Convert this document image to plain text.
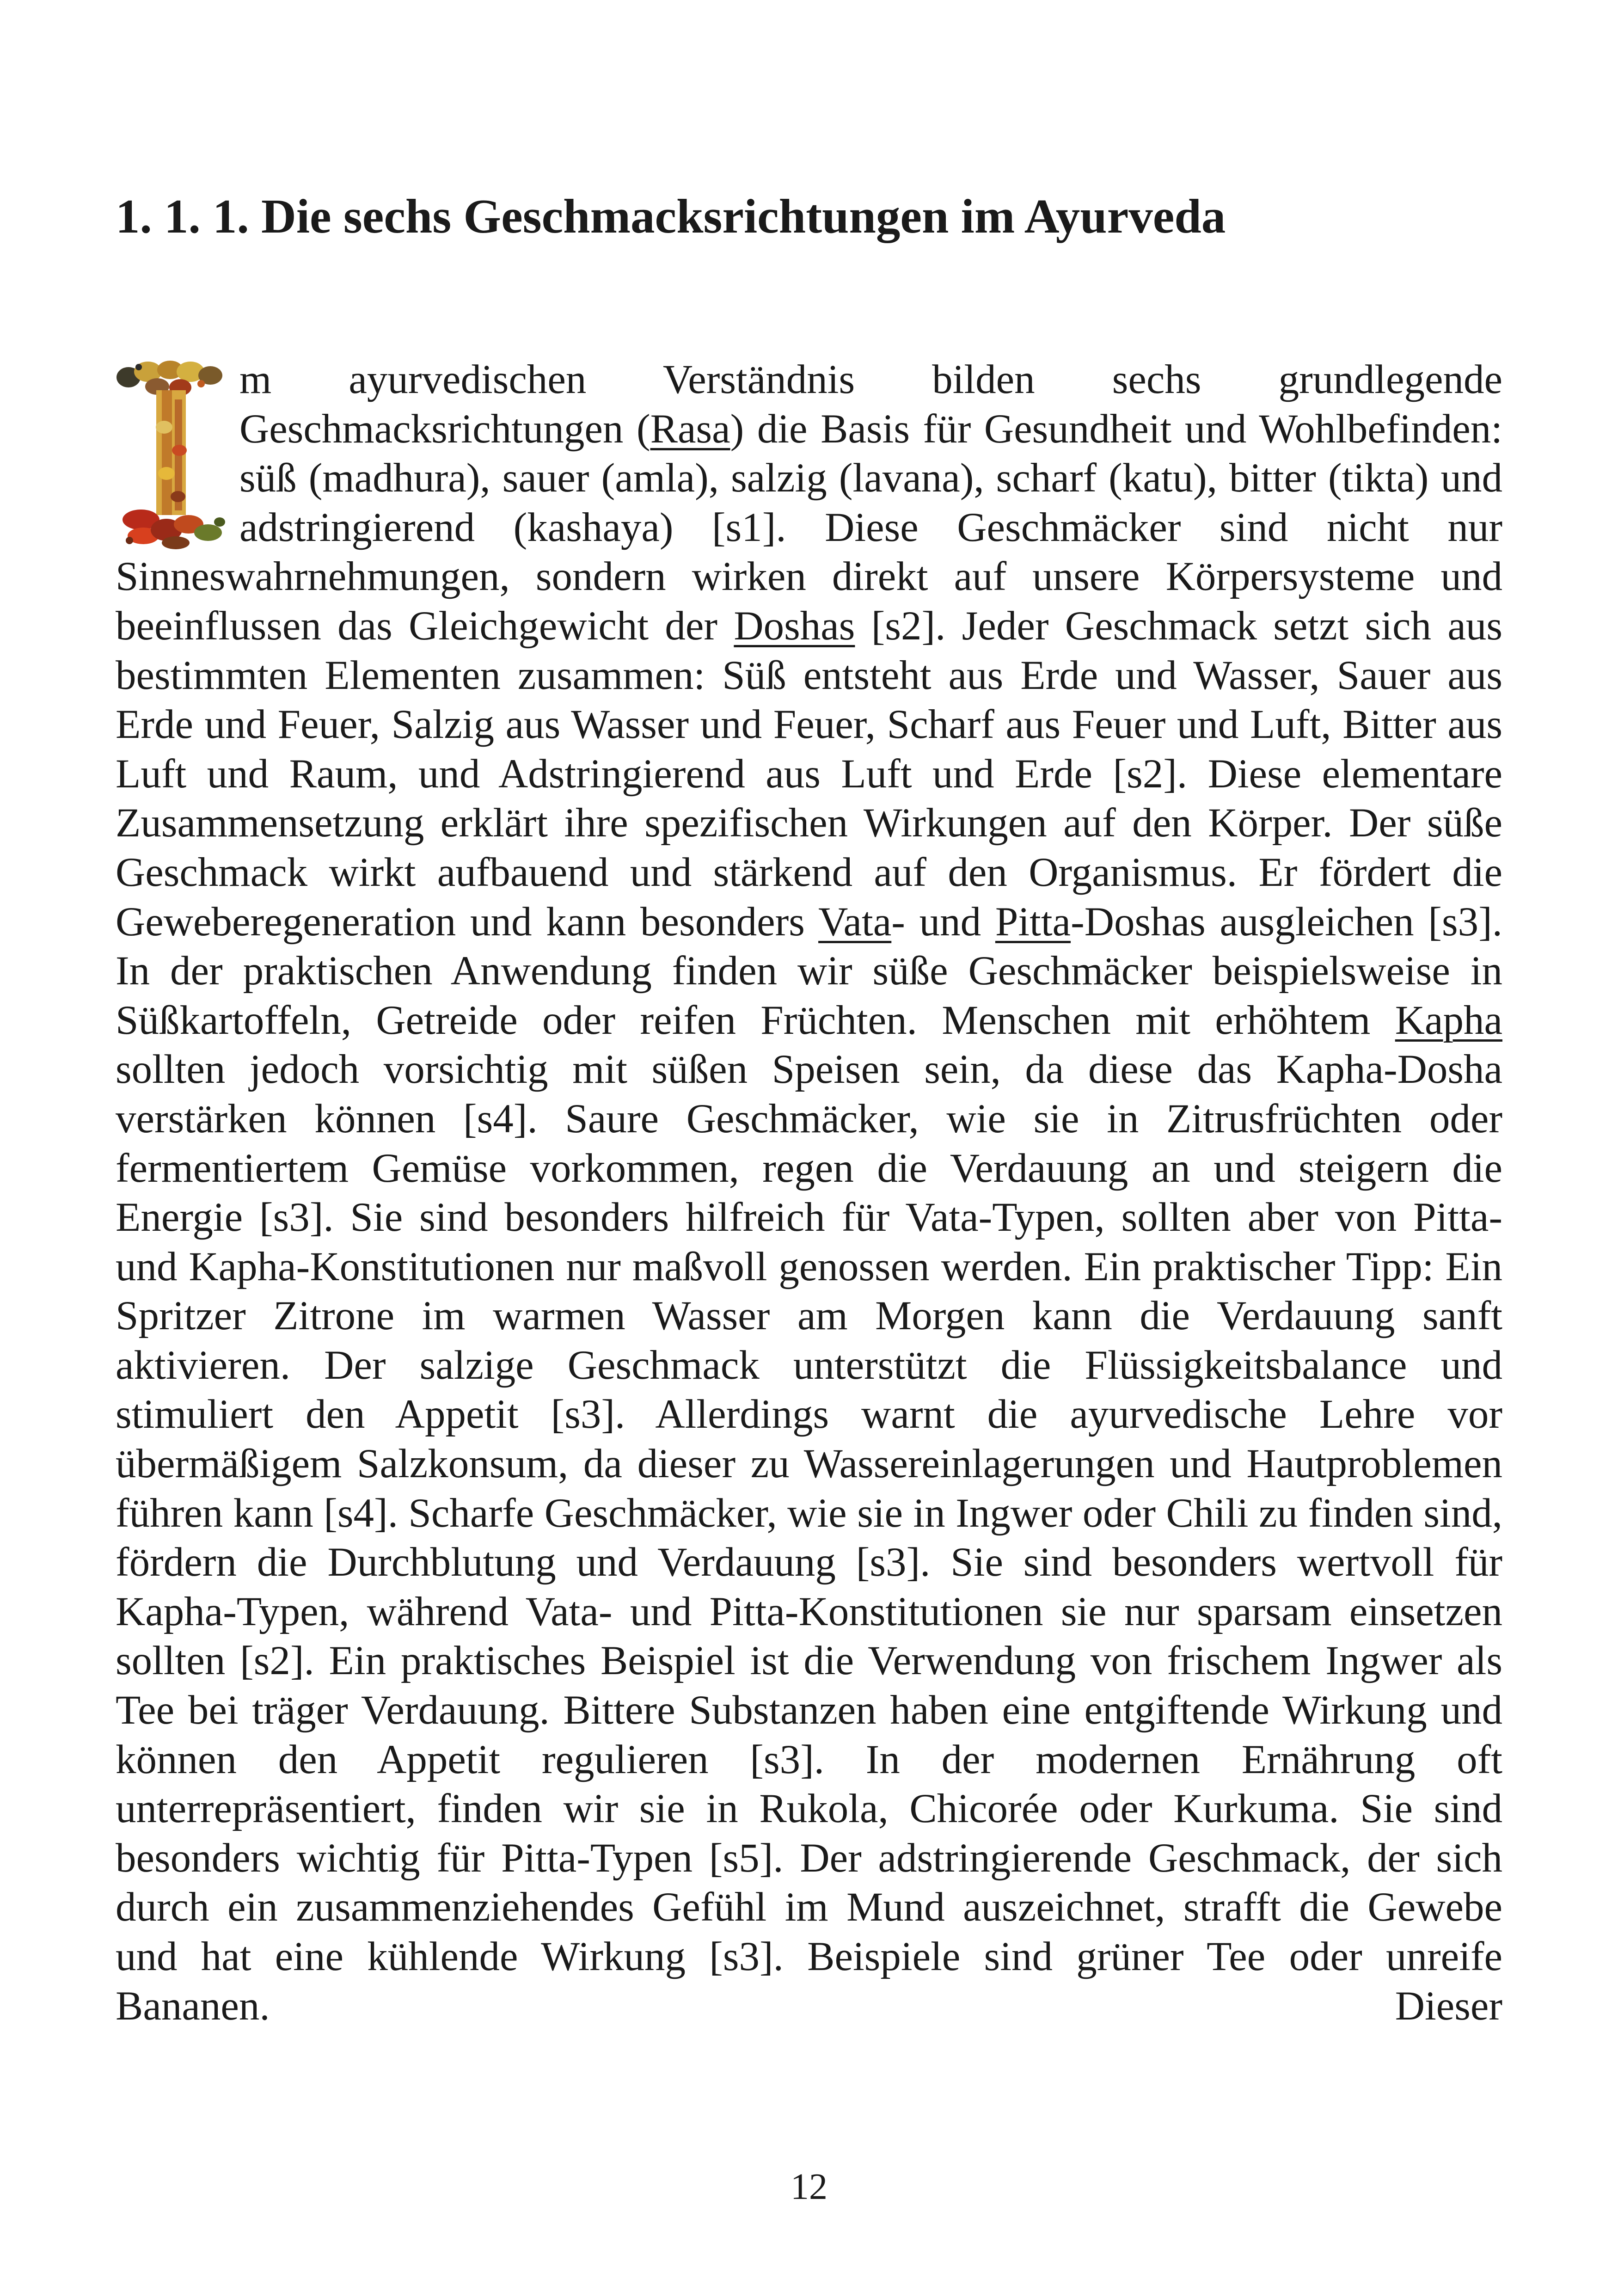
1. 1. 1. Die sechs Geschmacksrichtungen im Ayurveda

m ayurvedischen Verständnis bilden sechs grundlegende Geschmacksrichtungen (Rasa) die Basis für Gesundheit und Wohlbefinden: süß (madhura), sauer (amla), salzig (lavana), scharf (katu), bitter (tikta) und adstringierend (kashaya) [s1]. Diese Geschmäcker sind nicht nur Sinneswahrnehmungen, sondern wirken direkt auf unsere Körpersysteme und beeinflussen das Gleichgewicht der Doshas [s2]. Jeder Geschmack setzt sich aus bestimmten Elementen zusammen: Süß entsteht aus Erde und Wasser, Sauer aus Erde und Feuer, Salzig aus Wasser und Feuer, Scharf aus Feuer und Luft, Bitter aus Luft und Raum, und Adstringierend aus Luft und Erde [s2]. Diese elementare Zusammensetzung erklärt ihre spezifischen Wirkungen auf den Körper. Der süße Geschmack wirkt aufbauend und stärkend auf den Organismus. Er fördert die Geweberegeneration und kann besonders Vata- und Pitta-Doshas ausgleichen [s3]. In der praktischen Anwendung finden wir süße Geschmäcker beispielsweise in Süßkartoffeln, Getreide oder reifen Früchten. Menschen mit erhöhtem Kapha sollten jedoch vorsichtig mit süßen Speisen sein, da diese das Kapha-Dosha verstärken können [s4]. Saure Geschmäcker, wie sie in Zitrusfrüchten oder fermentiertem Gemüse vorkommen, regen die Verdauung an und steigern die Energie [s3]. Sie sind besonders hilfreich für Vata-Typen, sollten aber von Pitta- und Kapha-Konstitutionen nur maßvoll genossen werden. Ein praktischer Tipp: Ein Spritzer Zitrone im warmen Wasser am Morgen kann die Verdauung sanft aktivieren. Der salzige Geschmack unterstützt die Flüssigkeitsbalance und stimuliert den Appetit [s3]. Allerdings warnt die ayurvedische Lehre vor übermäßigem Salzkonsum, da dieser zu Wassereinlagerungen und Hautproblemen führen kann [s4]. Scharfe Geschmäcker, wie sie in Ingwer oder Chili zu finden sind, fördern die Durchblutung und Verdauung [s3]. Sie sind besonders wertvoll für Kapha-Typen, während Vata- und Pitta-Konstitutionen sie nur sparsam einsetzen sollten [s2]. Ein praktisches Beispiel ist die Verwendung von frischem Ingwer als Tee bei träger Verdauung. Bittere Substanzen haben eine entgiftende Wirkung und können den Appetit regulieren [s3]. In der modernen Ernährung oft unterrepräsentiert, finden wir sie in Rukola, Chicorée oder Kurkuma. Sie sind besonders wichtig für Pitta-Typen [s5]. Der adstringierende Geschmack, der sich durch ein zusammenziehendes Gefühl im Mund auszeichnet, strafft die Gewebe und hat eine kühlende Wirkung [s3]. Beispiele sind grüner Tee oder unreife Bananen. Dieser

12
